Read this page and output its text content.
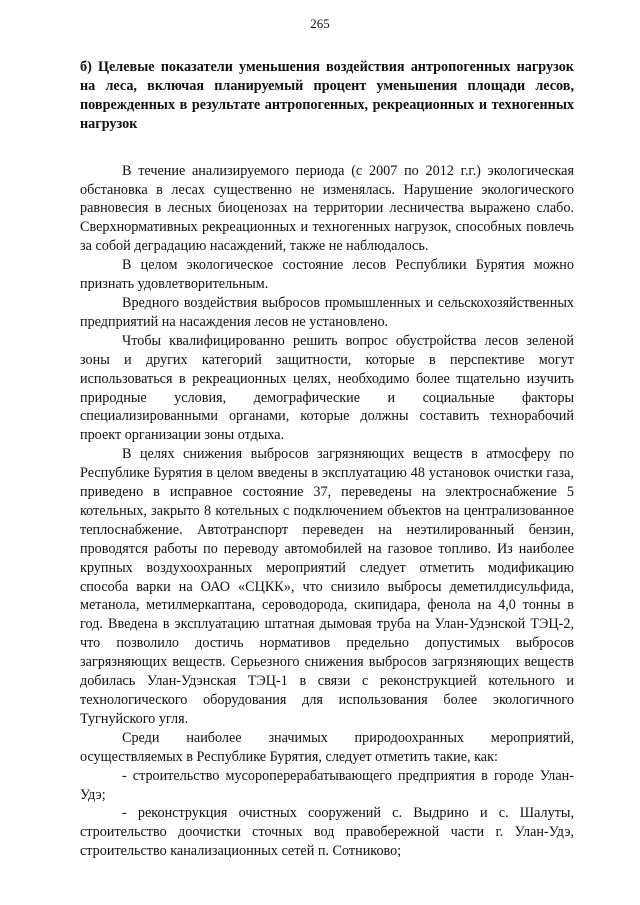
265

б) Целевые показатели уменьшения воздействия антропогенных нагрузок на леса, включая планируемый процент уменьшения площади лесов, поврежденных в результате антропогенных, рекреационных и техногенных нагрузок

В течение анализируемого периода (с 2007 по 2012 г.г.) экологическая обстановка в лесах существенно не изменялась. Нарушение экологического равновесия в лесных биоценозах на территории лесничества выражено слабо. Сверхнормативных рекреационных и техногенных нагрузок, способных повлечь за собой деградацию насаждений, также не наблюдалось.

В целом экологическое состояние лесов Республики Бурятия можно признать удовлетворительным.

Вредного воздействия выбросов промышленных и сельскохозяйственных предприятий на насаждения лесов не установлено.

Чтобы квалифицированно решить вопрос обустройства лесов зеленой зоны и других категорий защитности, которые в перспективе могут использоваться в рекреационных целях, необходимо более тщательно изучить природные условия, демографические и социальные факторы специализированными органами, которые должны составить технорабочий проект организации зоны отдыха.

В целях снижения выбросов загрязняющих веществ в атмосферу по Республике Бурятия в целом введены в эксплуатацию 48 установок очистки газа, приведено в исправное состояние 37, переведены на электроснабжение 5 котельных, закрыто 8 котельных с подключением объектов на централизованное теплоснабжение. Автотранспорт переведен на неэтилированный бензин, проводятся работы по переводу автомобилей на газовое топливо. Из наиболее крупных воздухоохранных мероприятий следует отметить модификацию способа варки на ОАО «СЦКК», что снизило выбросы деметилдисульфида, метанола, метилмеркаптана, сероводорода, скипидара, фенола на 4,0 тонны в год. Введена в эксплуатацию штатная дымовая труба на Улан-Удэнской ТЭЦ-2, что позволило достичь нормативов предельно допустимых выбросов загрязняющих веществ. Серьезного снижения выбросов загрязняющих веществ добилась Улан-Удэнская ТЭЦ-1 в связи с реконструкцией котельного и технологического оборудования для использования более экологичного Тугнуйского угля.

Среди наиболее значимых природоохранных мероприятий, осуществляемых в Республике Бурятия, следует отметить такие, как:

- строительство мусороперерабатывающего предприятия в городе Улан-Удэ;

- реконструкция очистных сооружений с. Выдрино и с. Шалуты, строительство доочистки сточных вод правобережной части г. Улан-Удэ, строительство канализационных сетей п. Сотниково;
